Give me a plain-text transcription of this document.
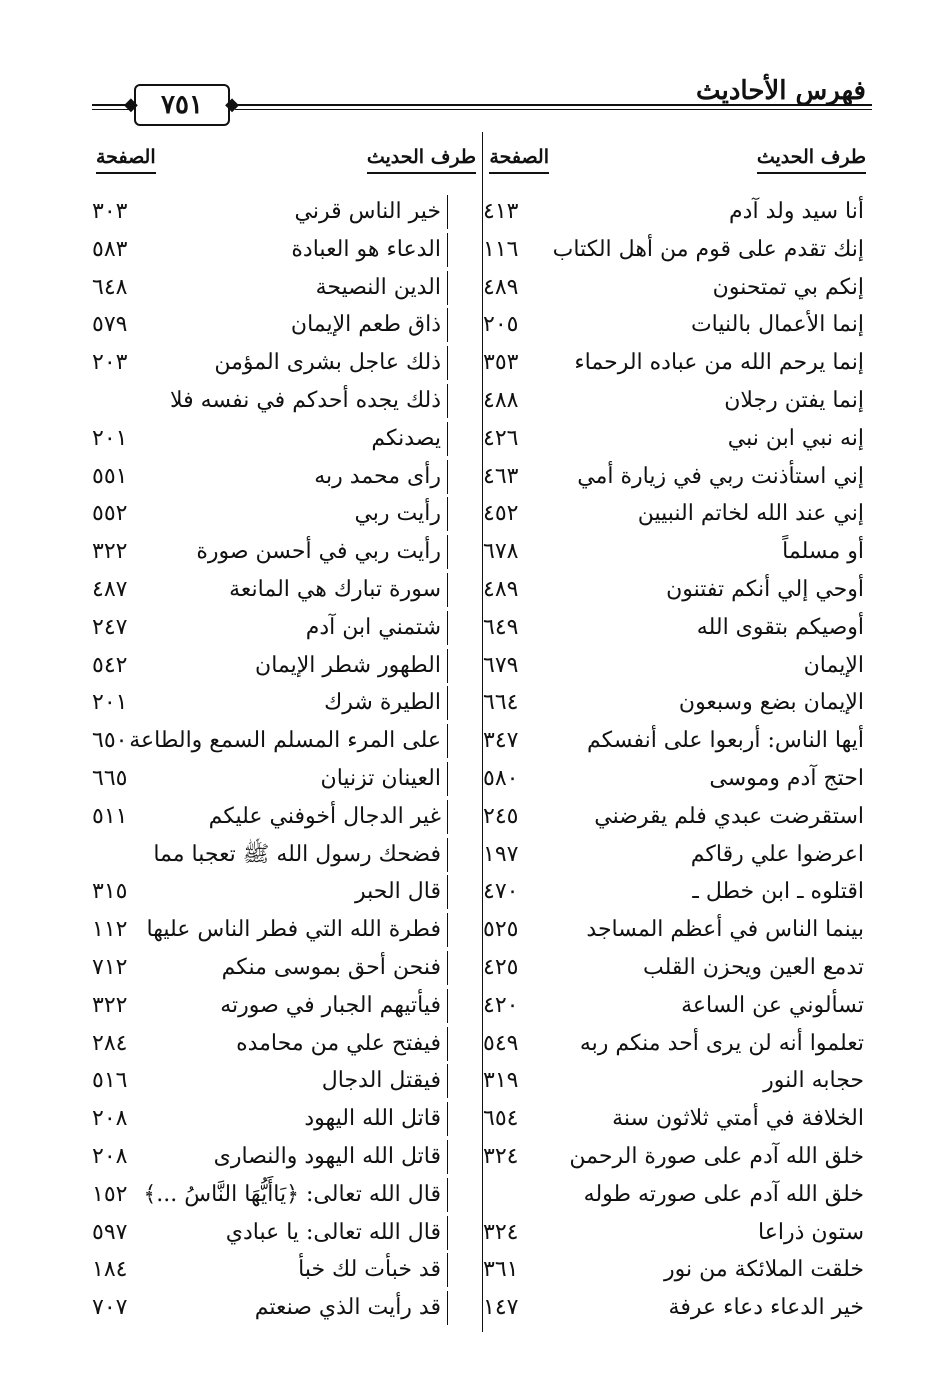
فهرس الأحاديث
◆ ٧٥١ ◆
طرف الحديث
الصفحة
طرف الحديث
الصفحة
أنا سيد ولد آدم
٤١٣
خير الناس قرني
٣٠٣
إنك تقدم على قوم من أهل الكتاب
١١٦
الدعاء هو العبادة
٥٨٣
إنكم بي تمتحنون
٤٨٩
الدين النصيحة
٦٤٨
إنما الأعمال بالنيات
٢٠٥
ذاق طعم الإيمان
٥٧٩
إنما يرحم الله من عباده الرحماء
٣٥٣
ذلك عاجل بشرى المؤمن
٢٠٣
إنما يفتن رجلان
٤٨٨
ذلك يجده أحدكم في نفسه فلا
إنه نبي ابن نبي
٤٢٦
يصدنكم
٢٠١
إني استأذنت ربي في زيارة أمي
٤٦٣
رأى محمد ربه
٥٥١
إني عند الله لخاتم النبيين
٤٥٢
رأيت ربي
٥٥٢
أو مسلماً
٦٧٨
رأيت ربي في أحسن صورة
٣٢٢
أوحي إلي أنكم تفتنون
٤٨٩
سورة تبارك هي المانعة
٤٨٧
أوصيكم بتقوى الله
٦٤٩
شتمني ابن آدم
٢٤٧
الإيمان
٦٧٩
الطهور شطر الإيمان
٥٤٢
الإيمان بضع وسبعون
٦٦٤
الطيرة شرك
٢٠١
أيها الناس: أربعوا على أنفسكم
٣٤٧
على المرء المسلم السمع والطاعة
٦٥٠
احتج آدم وموسى
٥٨٠
العينان تزنيان
٦٦٥
استقرضت عبدي فلم يقرضني
٢٤٥
غير الدجال أخوفني عليكم
٥١١
اعرضوا علي رقاكم
١٩٧
فضحك رسول الله ﷺ تعجبا مما
اقتلوه ـ ابن خطل ـ
٤٧٠
قال الحبر
٣١٥
بينما الناس في أعظم المساجد
٥٢٥
فطرة الله التي فطر الناس عليها
١١٢
تدمع العين ويحزن القلب
٤٢٥
فنحن أحق بموسى منكم
٧١٢
تسألوني عن الساعة
٤٢٠
فيأتيهم الجبار في صورته
٣٢٢
تعلموا أنه لن يرى أحد منكم ربه
٥٤٩
فيفتح علي من محامده
٢٨٤
حجابه النور
٣١٩
فيقتل الدجال
٥١٦
الخلافة في أمتي ثلاثون سنة
٦٥٤
قاتل الله اليهود
٢٠٨
خلق الله آدم على صورة الرحمن
٣٢٤
قاتل الله اليهود والنصارى
٢٠٨
خلق الله آدم على صورته طوله
قال الله تعالى: ﴿يَاأَيُّهَا النَّاسُ ...﴾
١٥٢
ستون ذراعا
٣٢٤
قال الله تعالى: يا عبادي
٥٩٧
خلقت الملائكة من نور
٣٦١
قد خبأت لك خبأ
١٨٤
خير الدعاء دعاء عرفة
١٤٧
قد رأيت الذي صنعتم
٧٠٧
